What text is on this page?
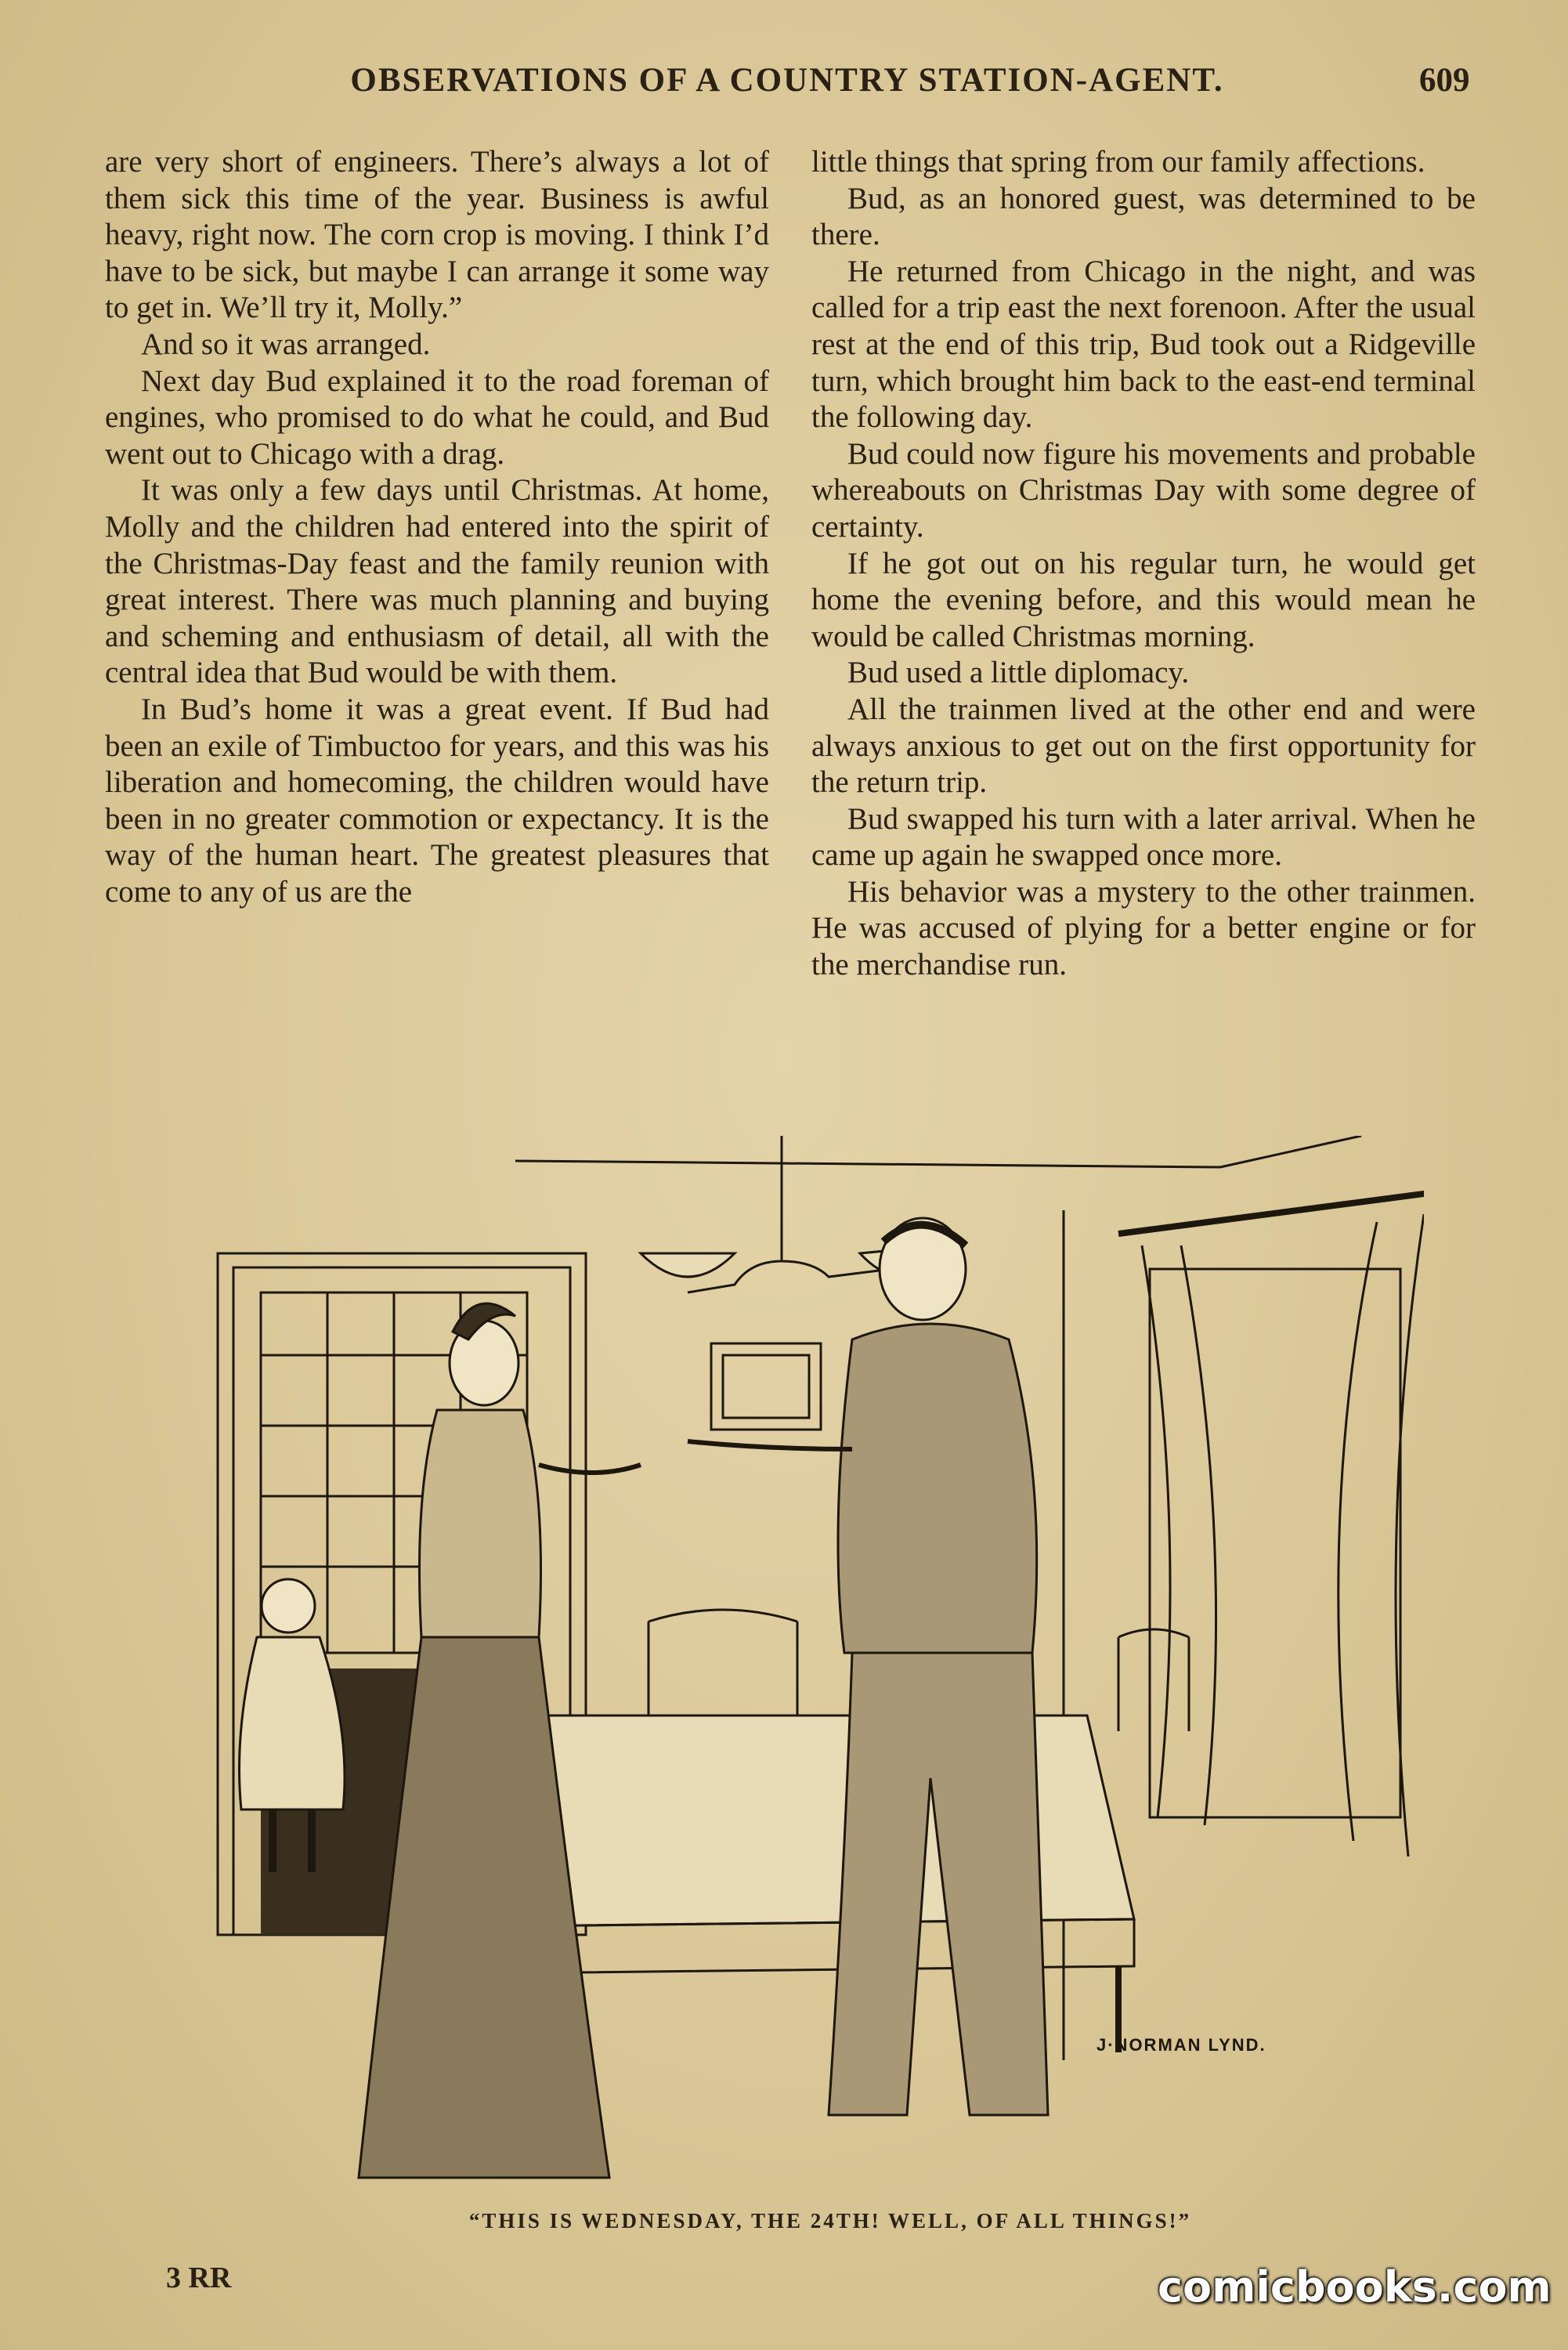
OBSERVATIONS OF A COUNTRY STATION-AGENT.	609

are very short of engineers. There’s always a lot of them sick this time of the year. Business is awful heavy, right now. The corn crop is moving. I think I’d have to be sick, but maybe I can arrange it some way to get in. We’ll try it, Molly.”

And so it was arranged.

Next day Bud explained it to the road foreman of engines, who promised to do what he could, and Bud went out to Chicago with a drag.

It was only a few days until Christmas. At home, Molly and the children had entered into the spirit of the Christmas-Day feast and the family reunion with great interest. There was much planning and buying and scheming and enthusiasm of detail, all with the central idea that Bud would be with them.

In Bud’s home it was a great event. If Bud had been an exile of Timbuctoo for years, and this was his liberation and homecoming, the children would have been in no greater commotion or expectancy. It is the way of the human heart. The greatest pleasures that come to any of us are the

little things that spring from our family affections.

Bud, as an honored guest, was determined to be there.

He returned from Chicago in the night, and was called for a trip east the next forenoon. After the usual rest at the end of this trip, Bud took out a Ridgeville turn, which brought him back to the east-end terminal the following day.

Bud could now figure his movements and probable whereabouts on Christmas Day with some degree of certainty.

If he got out on his regular turn, he would get home the evening before, and this would mean he would be called Christmas morning.

Bud used a little diplomacy.

All the trainmen lived at the other end and were always anxious to get out on the first opportunity for the return trip.

Bud swapped his turn with a later arrival. When he came up again he swapped once more.

His behavior was a mystery to the other trainmen. He was accused of plying for a better engine or for the merchandise run.

J·NORMAN LYND.
“THIS IS WEDNESDAY, THE 24TH! WELL, OF ALL THINGS!”
3 RR	comicbooks.com
